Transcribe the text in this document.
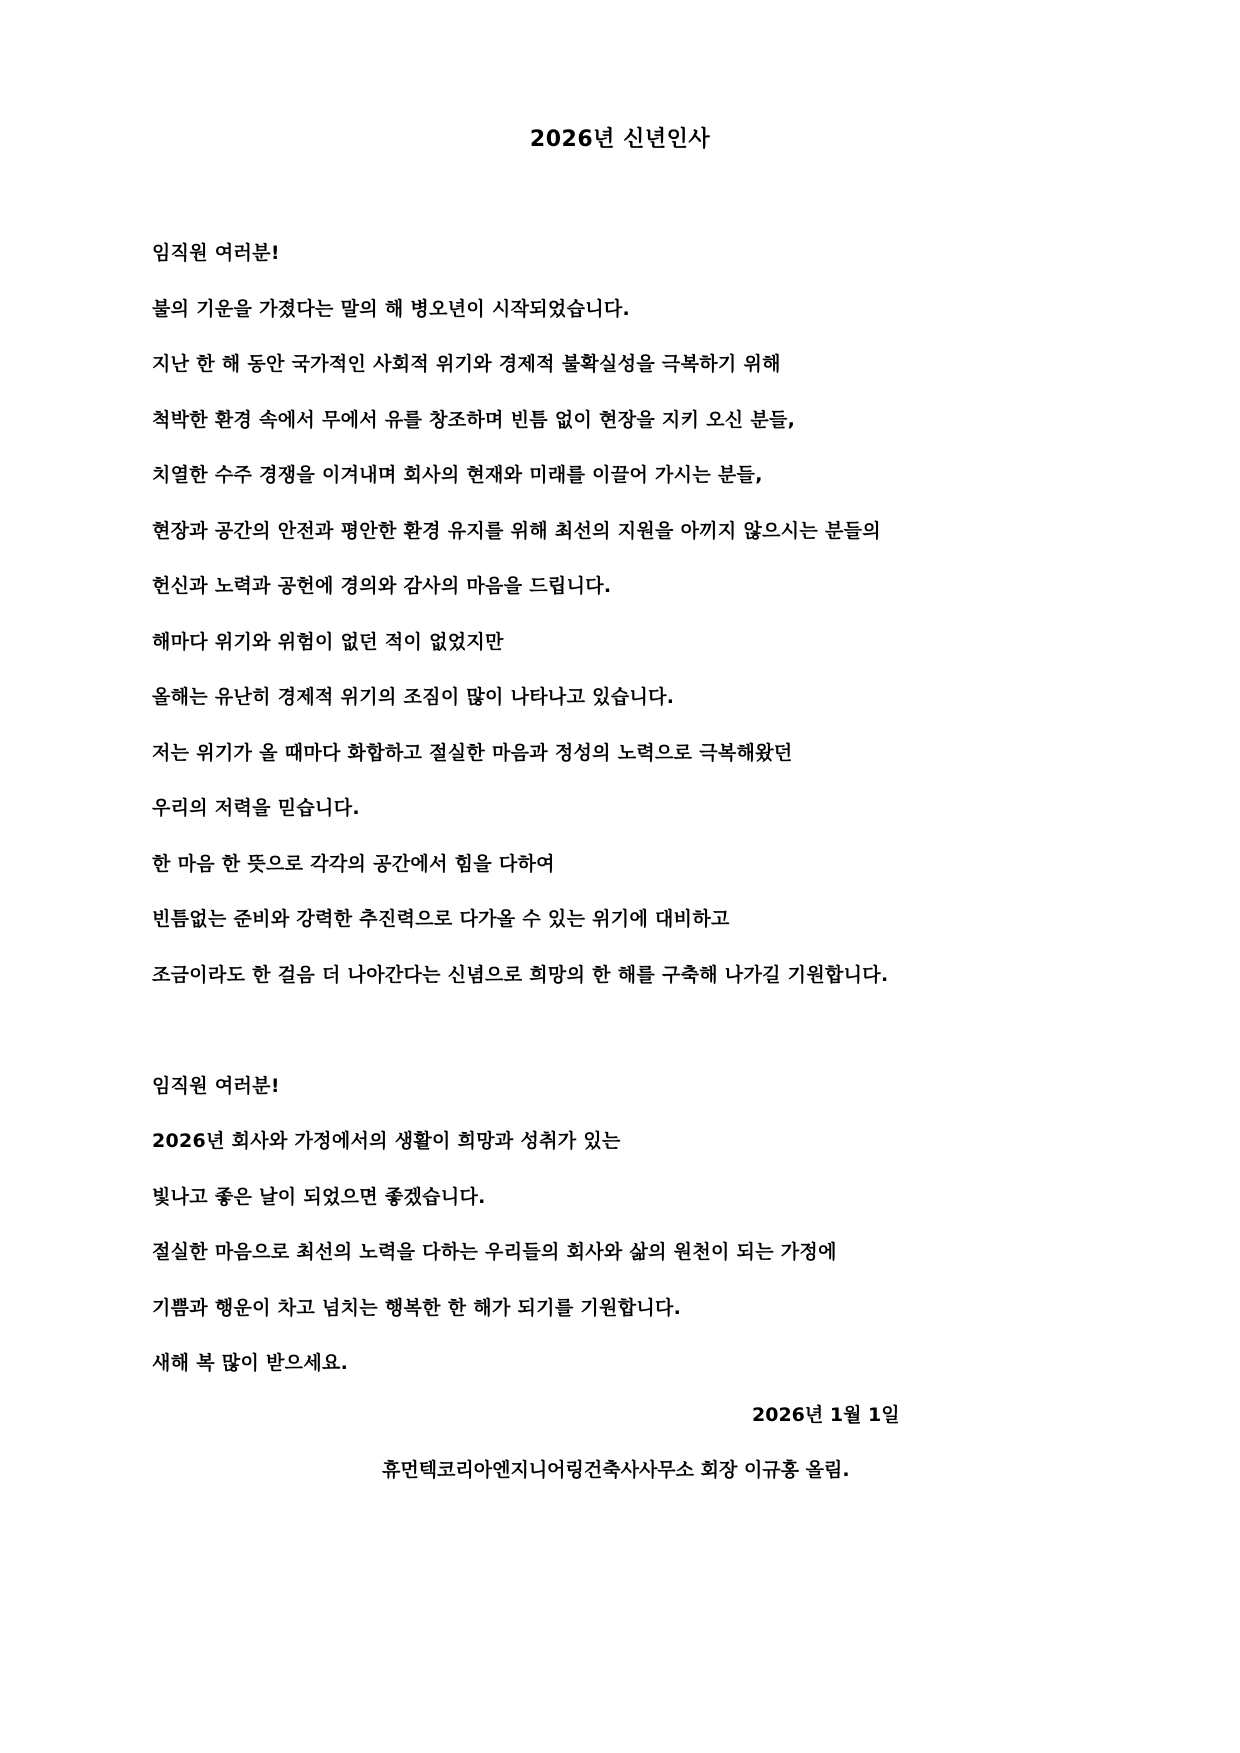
2026년 신년인사
임직원 여러분!
불의 기운을 가졌다는 말의 해 병오년이 시작되었습니다.
지난 한 해 동안 국가적인 사회적 위기와 경제적 불확실성을 극복하기 위해
척박한 환경 속에서 무에서 유를 창조하며 빈틈 없이 현장을 지키 오신 분들,
치열한 수주 경쟁을 이겨내며 회사의 현재와 미래를 이끌어 가시는 분들,
현장과 공간의 안전과 평안한 환경 유지를 위해 최선의 지원을 아끼지 않으시는 분들의
헌신과 노력과 공헌에 경의와 감사의 마음을 드립니다.
해마다 위기와 위험이 없던 적이 없었지만
올해는 유난히 경제적 위기의 조짐이 많이 나타나고 있습니다.
저는 위기가 올 때마다 화합하고 절실한 마음과 정성의 노력으로 극복해왔던
우리의 저력을 믿습니다.
한 마음 한 뜻으로 각각의 공간에서 힘을 다하여
빈틈없는 준비와 강력한 추진력으로 다가올 수 있는 위기에 대비하고
조금이라도 한 걸음 더 나아간다는 신념으로 희망의 한 해를 구축해 나가길 기원합니다.
임직원 여러분!
2026년 회사와 가정에서의 생활이 희망과 성취가 있는
빛나고 좋은 날이 되었으면 좋겠습니다.
절실한 마음으로 최선의 노력을 다하는 우리들의 회사와 삶의 원천이 되는 가정에
기쁨과 행운이 차고 넘치는 행복한 한 해가 되기를 기원합니다.
새해 복 많이 받으세요.
2026년 1월 1일
휴먼텍코리아엔지니어링건축사사무소 회장 이규홍 올림.
